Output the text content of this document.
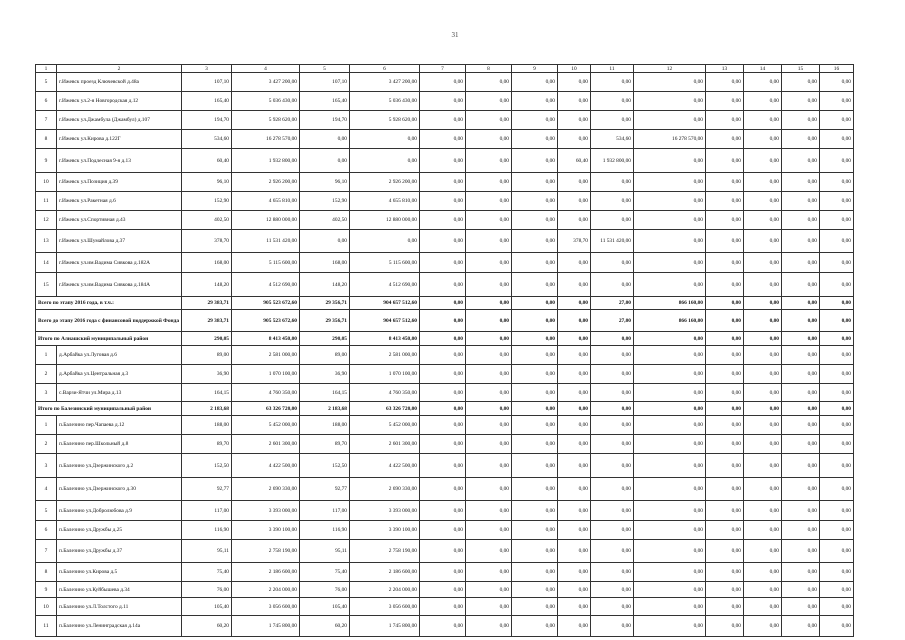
31
1	2	3	4	5	6	7	8	9	10	11	12	13	14	15	16
5	г.Ижевск проезд Ключевской д.48а	107,10	3 427 200,00	107,10	3 427 200,00	0,00	0,00	0,00	0,00	0,00	0,00	0,00	0,00	0,00	0,00
6	г.Ижевск ул.2-я Новгородская д.12	165,40	5 036 430,00	165,40	5 036 430,00	0,00	0,00	0,00	0,00	0,00	0,00	0,00	0,00	0,00	0,00
7	г.Ижевск ул.Джамбула (Джамбул) д.107	194,70	5 928 620,00	194,70	5 928 620,00	0,00	0,00	0,00	0,00	0,00	0,00	0,00	0,00	0,00	0,00
8	г.Ижевск ул.Кирова д.122Г	534,60	16 278 570,00	0,00	0,00	0,00	0,00	0,00	0,00	534,60	16 278 570,00	0,00	0,00	0,00	0,00
9	г.Ижевск ул.Подлесная 9-я д.13	60,40	1 932 800,00	0,00	0,00	0,00	0,00	0,00	60,40	1 932 800,00	0,00	0,00	0,00	0,00	0,00
10	г.Ижевск ул.Позиция д.39	96,10	2 926 200,00	96,10	2 926 200,00	0,00	0,00	0,00	0,00	0,00	0,00	0,00	0,00	0,00	0,00
11	г.Ижевск ул.Ракетная д.6	152,90	4 655 810,00	152,90	4 655 810,00	0,00	0,00	0,00	0,00	0,00	0,00	0,00	0,00	0,00	0,00
12	г.Ижевск ул.Спортивная д.43	402,50	12 880 000,00	402,50	12 880 000,00	0,00	0,00	0,00	0,00	0,00	0,00	0,00	0,00	0,00	0,00
13	г.Ижевск ул.Шумайлова д.37	378,70	11 531 420,00	0,00	0,00	0,00	0,00	0,00	378,70	11 531 420,00	0,00	0,00	0,00	0,00	0,00
14	г.Ижевск ул.им.Вадима Сивкова д.182А	168,00	5 115 600,00	168,00	5 115 600,00	0,00	0,00	0,00	0,00	0,00	0,00	0,00	0,00	0,00	0,00
15	г.Ижевск ул.им.Вадима Сивкова д.184А	148,20	4 512 690,00	148,20	4 512 690,00	0,00	0,00	0,00	0,00	0,00	0,00	0,00	0,00	0,00	0,00
Всего по этапу 2016 года, в т.ч.:		29 383,71	905 523 672,60	29 356,71	904 657 512,60	0,00	0,00	0,00	0,00	27,00	866 160,00	0,00	0,00	0,00	0,00
Всего до этапу 2016 года с финансовой поддержкой Фонда		29 383,71	905 523 672,60	29 356,71	904 657 512,60	0,00	0,00	0,00	0,00	27,00	866 160,00	0,00	0,00	0,00	0,00
Итого по Алнашский муниципальный район		290,05	8 413 450,00	290,05	8 413 450,00	0,00	0,00	0,00	0,00	0,00	0,00	0,00	0,00	0,00	0,00
1	д.Арбайка ул.Луговая д.6	89,00	2 581 000,00	89,00	2 581 000,00	0,00	0,00	0,00	0,00	0,00	0,00	0,00	0,00	0,00	0,00
2	д.Арбайка ул.Центральная д.3	36,90	1 070 100,00	36,90	1 070 100,00	0,00	0,00	0,00	0,00	0,00	0,00	0,00	0,00	0,00	0,00
3	с.Варзи-Ятчи ул.Мира д.13	164,15	4 760 350,00	164,15	4 760 350,00	0,00	0,00	0,00	0,00	0,00	0,00	0,00	0,00	0,00	0,00
Итого по Балезинский муниципальный район		2 183,68	63 326 720,00	2 183,68	63 326 720,00	0,00	0,00	0,00	0,00	0,00	0,00	0,00	0,00	0,00	0,00
1	п.Балезино пер.Чапаева д.12	188,00	5 452 000,00	188,00	5 452 000,00	0,00	0,00	0,00	0,00	0,00	0,00	0,00	0,00	0,00	0,00
2	п.Балезино пер.Школьный д.8	89,70	2 601 300,00	89,70	2 601 300,00	0,00	0,00	0,00	0,00	0,00	0,00	0,00	0,00	0,00	0,00
3	п.Балезино ул.Дзержинского д.2	152,50	4 422 500,00	152,50	4 422 500,00	0,00	0,00	0,00	0,00	0,00	0,00	0,00	0,00	0,00	0,00
4	п.Балезино ул.Дзержинского д.30	92,77	2 690 330,00	92,77	2 690 330,00	0,00	0,00	0,00	0,00	0,00	0,00	0,00	0,00	0,00	0,00
5	п.Балезино ул.Добролюбова д.9	117,00	3 393 000,00	117,00	3 393 000,00	0,00	0,00	0,00	0,00	0,00	0,00	0,00	0,00	0,00	0,00
6	п.Балезино ул.Дружбы д.25	116,90	3 390 100,00	116,90	3 390 100,00	0,00	0,00	0,00	0,00	0,00	0,00	0,00	0,00	0,00	0,00
7	п.Балезино ул.Дружбы д.37	95,11	2 758 190,00	95,11	2 758 190,00	0,00	0,00	0,00	0,00	0,00	0,00	0,00	0,00	0,00	0,00
8	п.Балезино ул.Кирова д.5	75,40	2 186 600,00	75,40	2 186 600,00	0,00	0,00	0,00	0,00	0,00	0,00	0,00	0,00	0,00	0,00
9	п.Балезино ул.Куйбышева д.34	76,00	2 204 000,00	76,00	2 204 000,00	0,00	0,00	0,00	0,00	0,00	0,00	0,00	0,00	0,00	0,00
10	п.Балезино ул.Л.Толстого д.11	105,40	3 056 600,00	105,40	3 056 600,00	0,00	0,00	0,00	0,00	0,00	0,00	0,00	0,00	0,00	0,00
11	п.Балезино ул.Ленинградская д.14а	60,20	1 745 800,00	60,20	1 745 800,00	0,00	0,00	0,00	0,00	0,00	0,00	0,00	0,00	0,00	0,00
